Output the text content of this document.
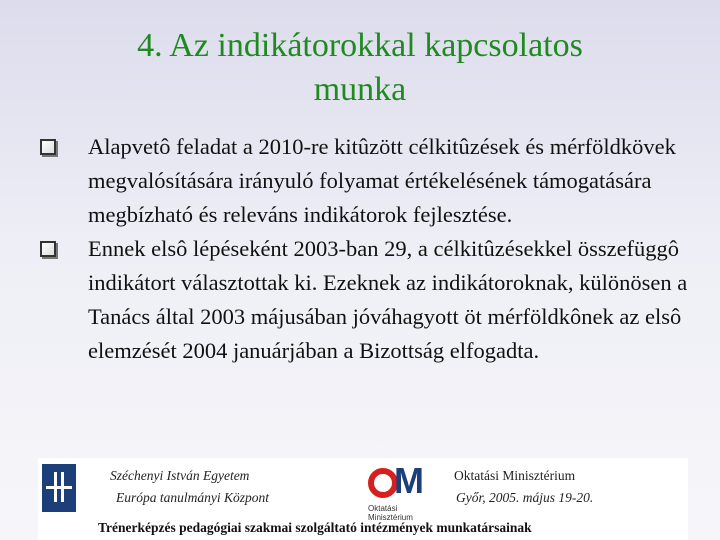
4. Az indikátorokkal kapcsolatos
munka
Alapvetô feladat a 2010-re kitûzött célkitûzések és mérföldkövek megvalósítására irányuló folyamat értékelésének támogatására megbízható és releváns indikátorok fejlesztése.
Ennek elsô lépéseként 2003-ban 29, a célkitûzésekkel összefüggô indikátort választottak ki. Ezeknek az indikátoroknak, különösen a Tanács által 2003 májusában jóváhagyott öt mérföldkônek az elsô elemzését 2004 januárjában a Bizottság elfogadta.
Széchenyi István Egyetem
Európa tanulmányi Központ	M
Oktatási
Minisztérium
Oktatási Minisztérium
Győr, 2005. május 19-20.
Trénerképzés pedagógiai szakmai szolgáltató intézmények munkatársainak
